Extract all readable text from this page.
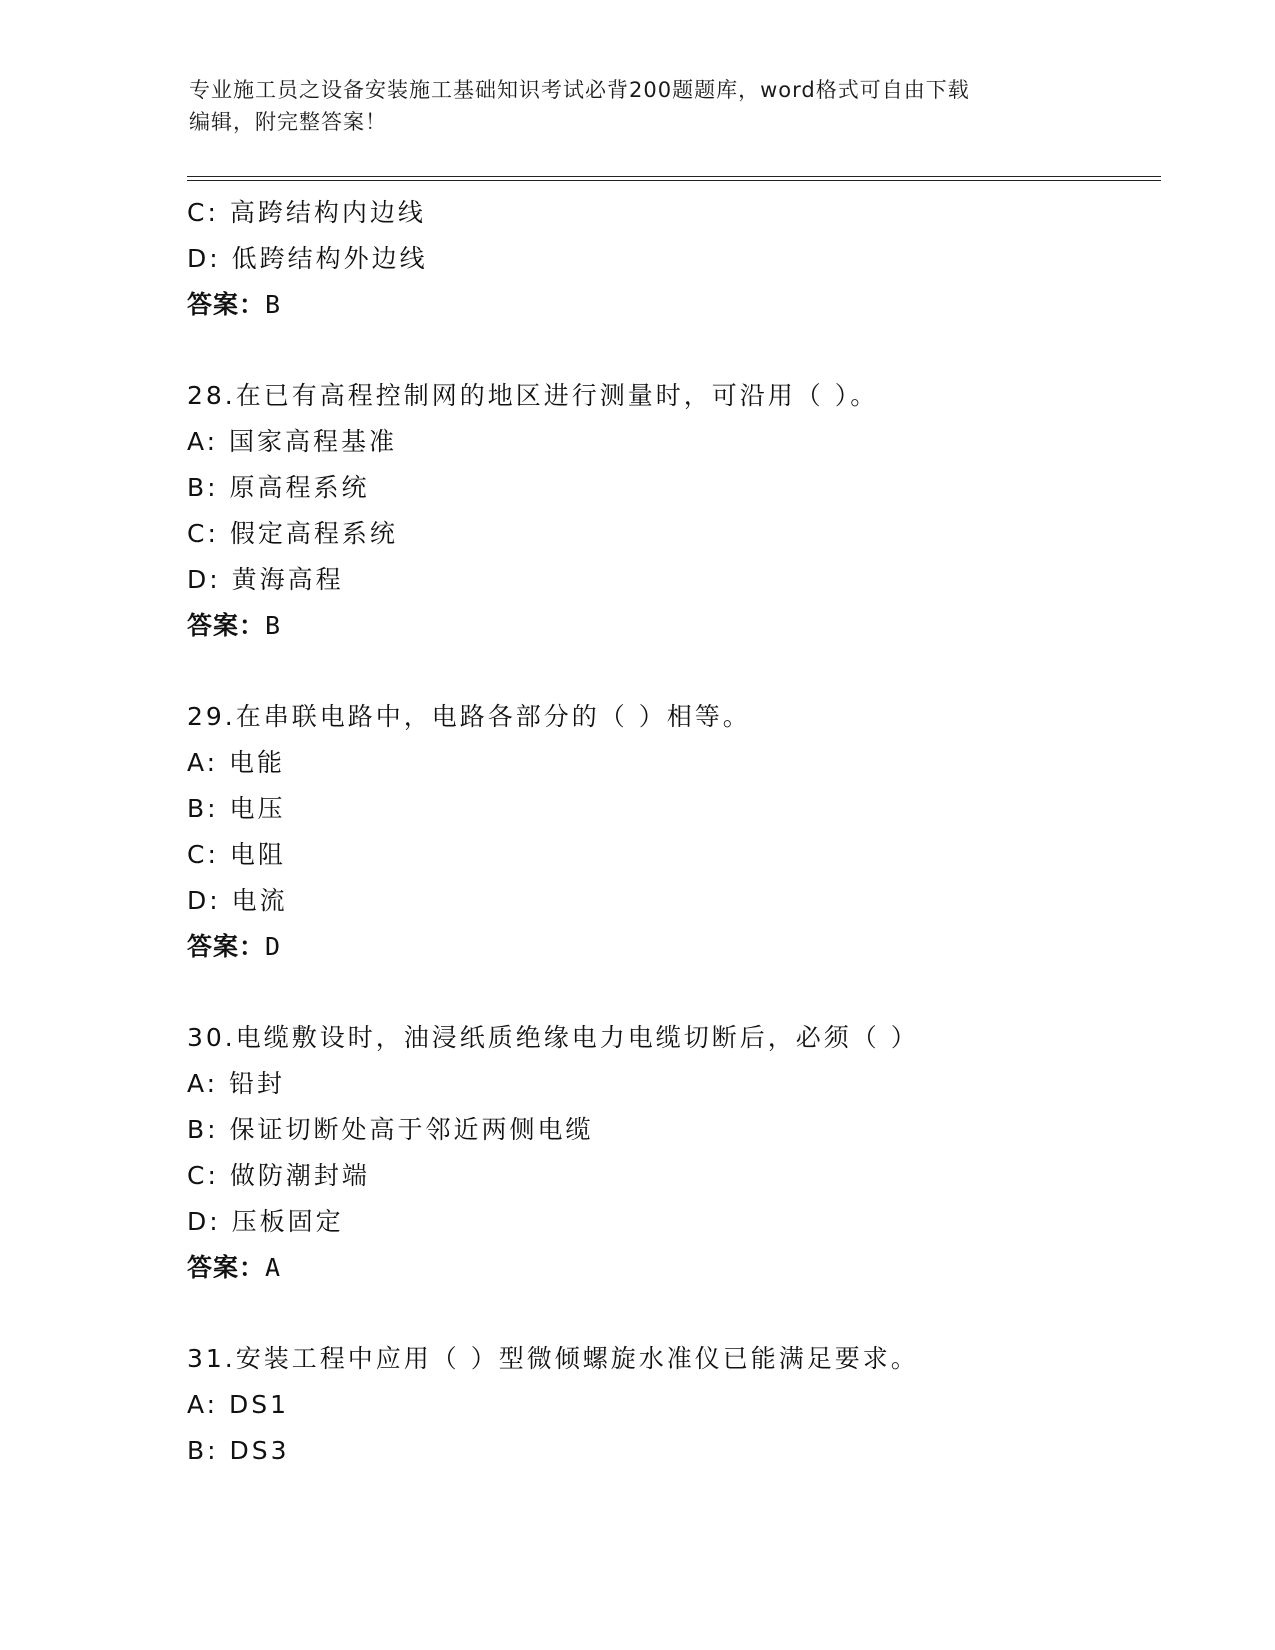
专业施工员之设备安装施工基础知识考试必背200题题库，word格式可自由下载
编辑，附完整答案！
C: 高跨结构内边线
D: 低跨结构外边线
答案：B
28.在已有高程控制网的地区进行测量时，可沿用（ ）。
A: 国家高程基准
B: 原高程系统
C: 假定高程系统
D: 黄海高程
答案：B
29.在串联电路中，电路各部分的（ ）相等。
A: 电能
B: 电压
C: 电阻
D: 电流
答案：D
30.电缆敷设时，油浸纸质绝缘电力电缆切断后，必须（ ）
A: 铅封
B: 保证切断处高于邻近两侧电缆
C: 做防潮封端
D: 压板固定
答案：A
31.安装工程中应用（ ）型微倾螺旋水准仪已能满足要求。
A: DS1
B: DS3
